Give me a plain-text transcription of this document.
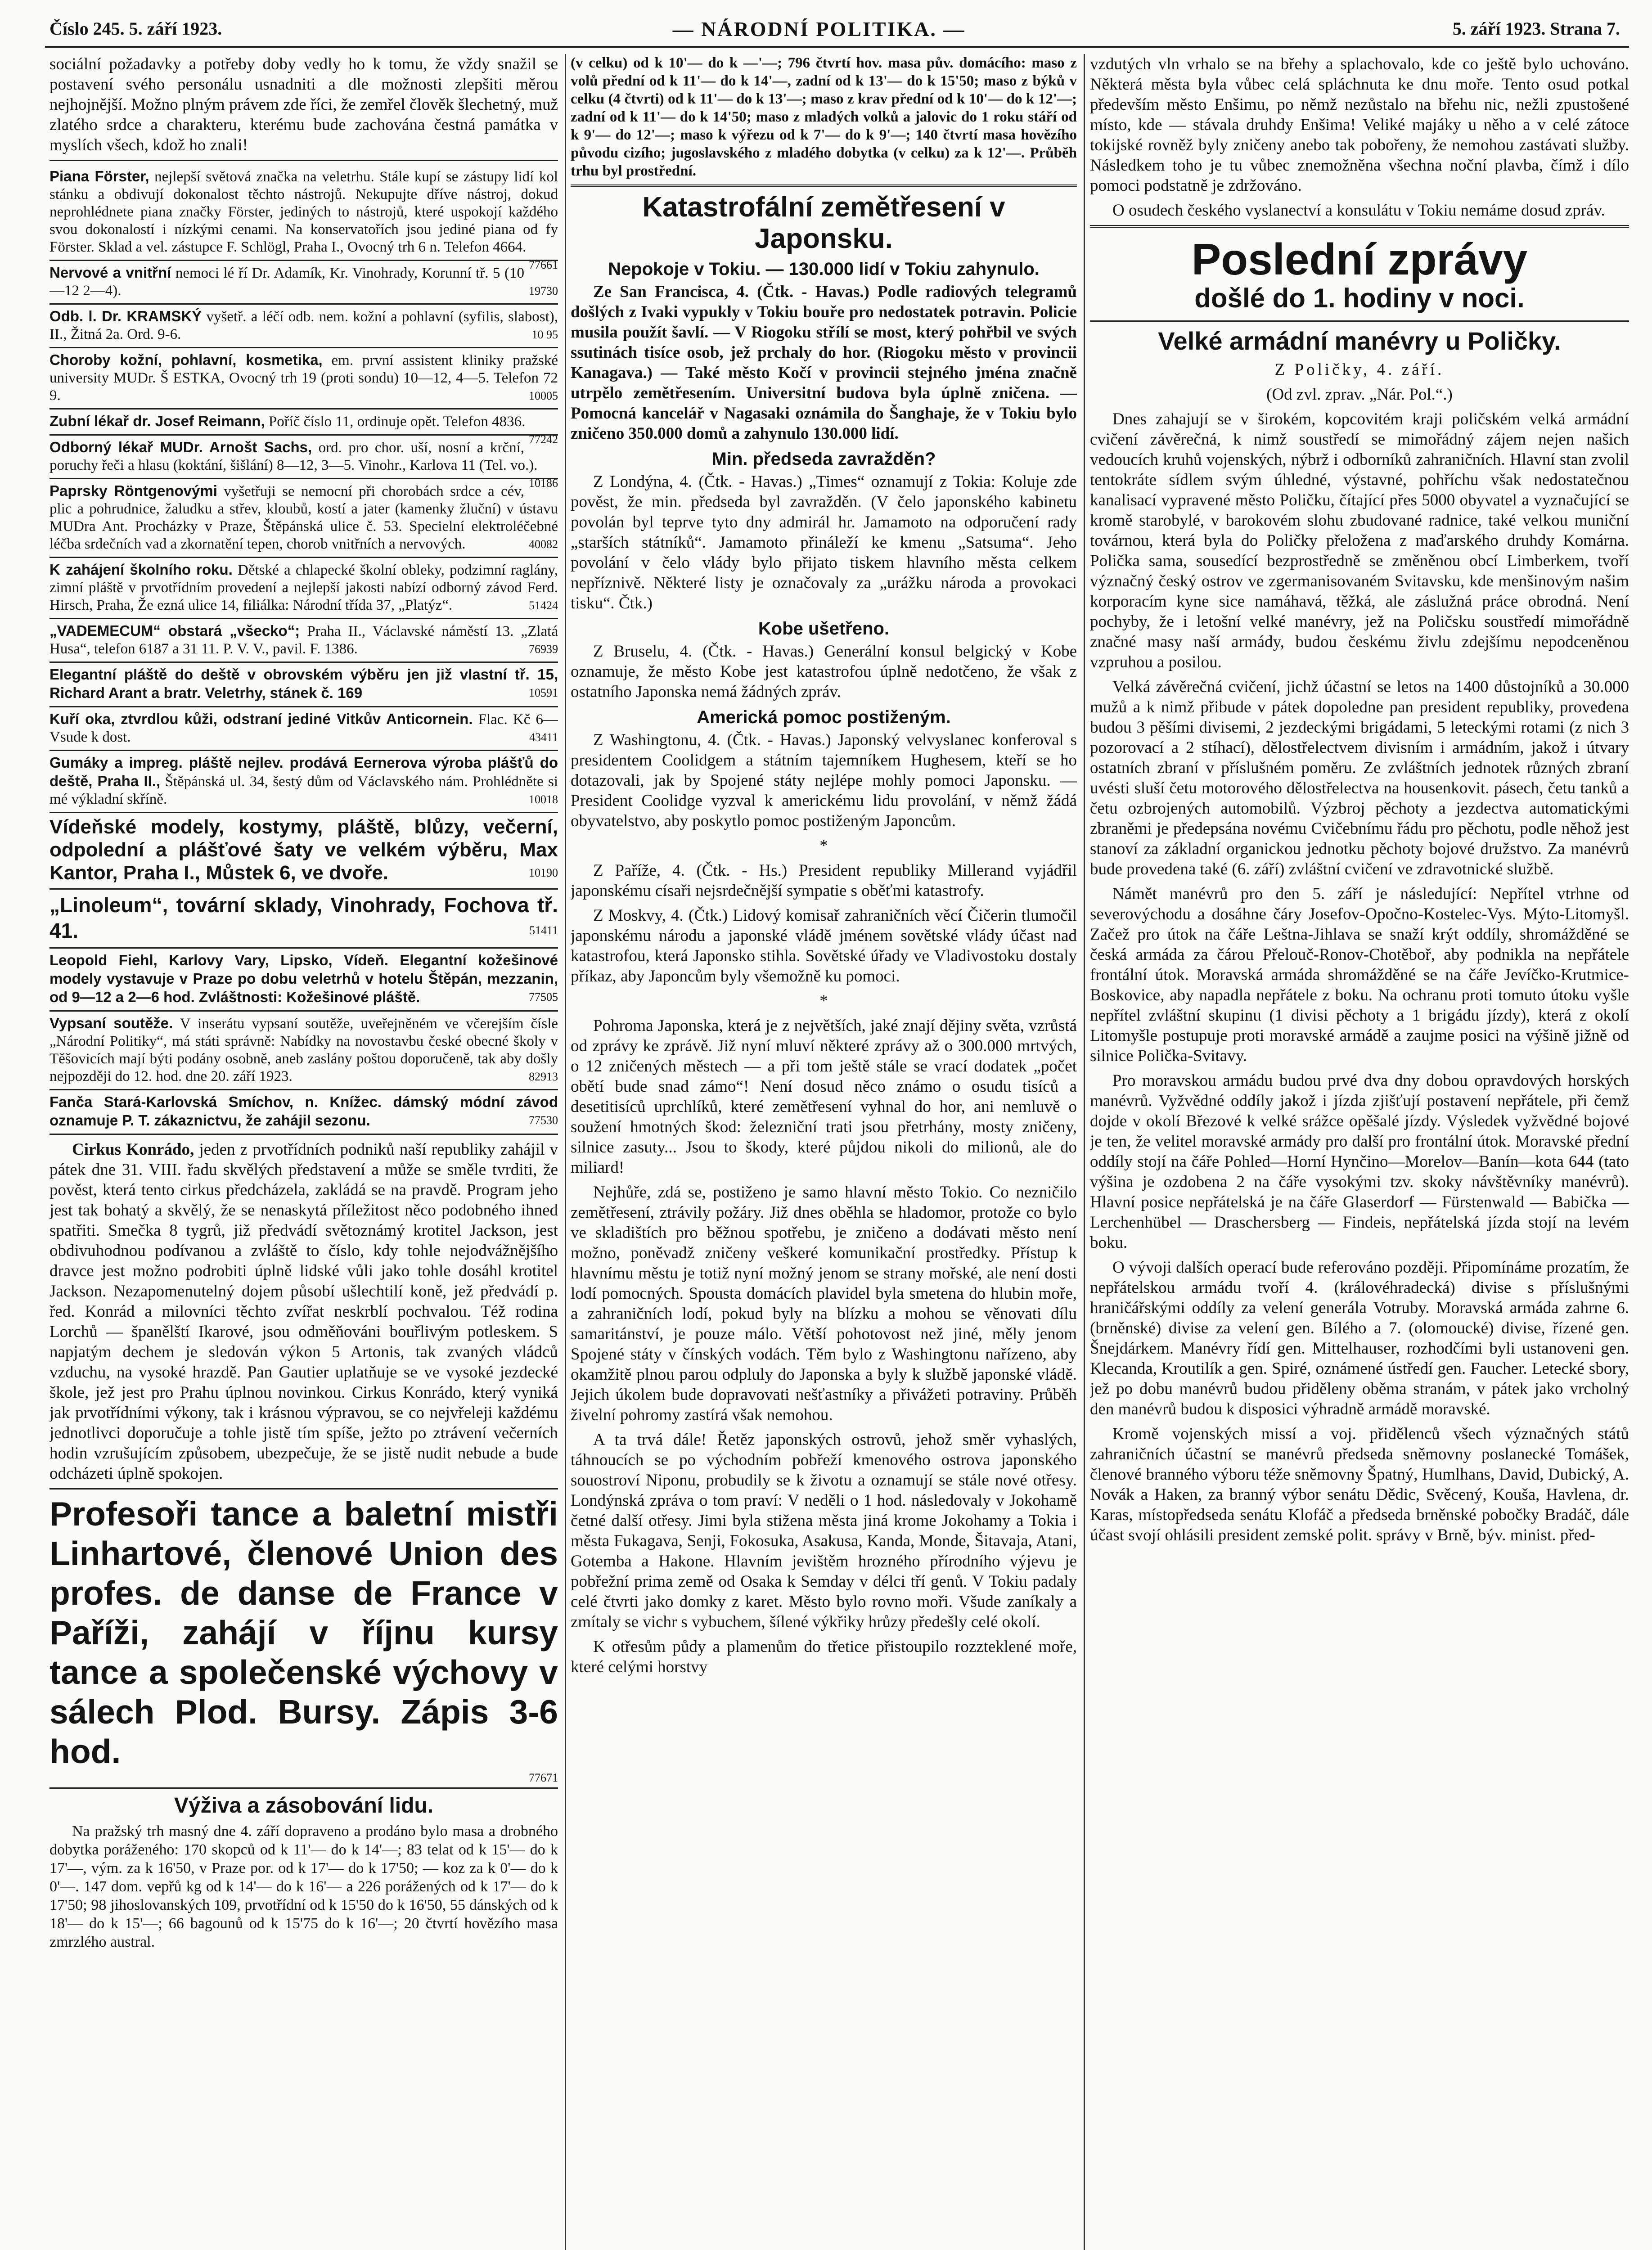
Číslo 245. 5. září 1923.	— NÁRODNÍ POLITIKA. —	5. září 1923. Strana 7.

sociální požadavky a potřeby doby vedly ho k tomu, že vždy snažil se postavení svého personálu usnadniti a dle možnosti zlepšiti měrou nejhojnější. Možno plným právem zde říci, že zemřel člověk šlechetný, muž zlatého srdce a charakteru, kterému bude zachována čestná památka v myslích všech, kdož ho znali!

Piana Förster, nejlepší světová značka na veletrhu. Stále kupí se zástupy lidí kol stánku a obdivují dokonalost těchto nástrojů. Nekupujte dříve nástroj, dokud neprohlédnete piana značky Förster, jediných to nástrojů, které uspokojí každého svou dokonalostí i nízkými cenami. Na konservatořích jsou jediné piana od fy Förster. Sklad a vel. zástupce F. Schlögl, Praha I., Ovocný trh 6 n. Telefon 4664.
77661
Nervové a vnitřní nemoci lé ří Dr. Adamík, Kr. Vinohrady, Korunní tř. 5 (10—12 2—4).	19730
Odb. l. Dr. KRAMSKÝ vyšetř. a léčí odb. nem. kožní a pohlavní (syfilis, slabost), II., Žitná 2a. Ord. 9-6.	10 95
Choroby kožní, pohlavní, kosmetika, em. první assistent kliniky pražské university MUDr. Š ESTKA, Ovocný trh 19 (proti sondu) 10—12, 4—5. Telefon 72 9.	10005
Zubní lékař dr. Josef Reimann, Poříč číslo 11, ordinuje opět. Telefon 4836.
77242
Odborný lékař MUDr. Arnošt Sachs, ord. pro chor. uší, nosní a krční, poruchy řeči a hlasu (koktání, šišlání) 8—12, 3—5. Vinohr., Karlova 11 (Tel. vo.).
10186
Paprsky Röntgenovými vyšetřuji se nemocní při chorobách srdce a cév, plic a pohrudnice, žaludku a střev, kloubů, kostí a jater (kamenky žluční) v ústavu MUDra Ant. Procházky v Praze, Štěpánská ulice č. 53. Specielní elektroléčebné léčba srdečních vad a zkornatění tepen, chorob vnitřních a nervových.	40082
K zahájení školního roku. Dětské a chlapecké školní obleky, podzimní raglány, zimní pláště v prvotřídním provedení a nejlepší jakosti nabízí odborný závod Ferd. Hirsch, Praha, Že ezná ulice 14, filiálka: Národní třída 37, „Platýz“.	51424
„VADEMECUM“ obstará „všecko“; Praha II., Václavské náměstí 13. „Zlatá Husa“, telefon 6187 a 31 11. P. V. V., pavil. F. 1386.	76939
Elegantní pláště do deště v obrovském výběru jen již vlastní tř. 15, Richard Arant a bratr. Veletrhy, stánek č. 169	10591
Kuří oka, ztvrdlou kůži, odstraní jediné Vitkův Anticornein. Flac. Kč 6— Vsude k dost.	43411
Gumáky a impreg. pláště nejlev. prodává Eernerova výroba plášťů do deště, Praha II., Štěpánská ul. 34, šestý dům od Václavského nám. Prohlédněte si mé výkladní skříně.	10018
Vídeňské modely, kostymy, pláště, blůzy, večerní, odpolední a plášťové šaty ve velkém výběru, Max Kantor, Praha I., Můstek 6, ve dvoře.	10190
„Linoleum“, tovární sklady, Vinohrady, Fochova tř. 41.	51411
Leopold Fiehl, Karlovy Vary, Lipsko, Vídeň. Elegantní kožešinové modely vystavuje v Praze po dobu veletrhů v hotelu Štěpán, mezzanin, od 9—12 a 2—6 hod. Zvláštnosti: Kožešinové pláště.	77505
Vypsaní soutěže. V inserátu vypsaní soutěže, uveřejněném ve včerejším čísle „Národní Politiky“, má státi správně: Nabídky na novostavbu české obecné školy v Těšovicích mají býti podány osobně, aneb zaslány poštou doporučeně, tak aby došly nejpozději do 12. hod. dne 20. září 1923.	82913
Fanča Stará-Karlovská Smíchov, n. Knížec. dámský módní závod oznamuje P. T. zákaznictvu, že zahájil sezonu.	77530

Cirkus Konrádo, jeden z prvotřídních podniků naší republiky zahájil v pátek dne 31. VIII. řadu skvělých představení a může se směle tvrditi, že pověst, která tento cirkus předcházela, zakládá se na pravdě. Program jeho jest tak bohatý a skvělý, že se nenaskytá příležitost něco podobného ihned spatřiti. Smečka 8 tygrů, již předvádí světoznámý krotitel Jackson, jest obdivuhodnou podívanou a zvláště to číslo, kdy tohle nejodvážnějšího dravce jest možno podrobiti úplně lidské vůli jako tohle dosáhl krotitel Jackson. Nezapomenutelný dojem působí ušlechtilí koně, jež předvádí p. řed. Konrád a milovníci těchto zvířat neskrblí pochvalou. Též rodina Lorchů — španělští Ikarové, jsou odměňováni bouřlivým potleskem. S napjatým dechem je sledován výkon 5 Artonis, tak zvaných vládců vzduchu, na vysoké hrazdě. Pan Gautier uplatňuje se ve vysoké jezdecké škole, jež jest pro Prahu úplnou novinkou. Cirkus Konrádo, který vyniká jak prvotřídními výkony, tak i krásnou výpravou, se co nejvřeleji každému jednotlivci doporučuje a tohle jistě tím spíše, ježto po ztrávení večerních hodin vzrušujícím způsobem, ubezpečuje, že se jistě nudit nebude a bude odcházeti úplně spokojen.

Profesoři tance a baletní mistři Linhartové, členové Union des profes. de danse de France v Paříži, zahájí v říjnu kursy tance a společenské výchovy v sálech Plod. Bursy. Zápis 3-6 hod.
77671
Výživa a zásobování lidu.

Na pražský trh masný dne 4. září dopraveno a prodáno bylo masa a drobného dobytka poráženého: 170 skopců od k 11'— do k 14'—; 83 telat od k 15'— do k 17'—, vým. za k 16'50, v Praze por. od k 17'— do k 17'50; — koz za k 0'— do k 0'—. 147 dom. vepřů kg od k 14'— do k 16'— a 226 porážených od k 17'— do k 17'50; 98 jihoslovanských 109, prvotřídní od k 15'50 do k 16'50, 55 dánských od k 18'— do k 15'—; 66 bagounů od k 15'75 do k 16'—; 20 čtvrtí hovězího masa zmrzlého austral.

(v celku) od k 10'— do k —'—; 796 čtvrtí hov. masa pův. domácího: maso z volů přední od k 11'— do k 14'—, zadní od k 13'— do k 15'50; maso z býků v celku (4 čtvrti) od k 11'— do k 13'—; maso z krav přední od k 10'— do k 12'—; zadní od k 11'— do k 14'50; maso z mladých volků a jalovic do 1 roku stáří od k 9'— do 12'—; maso k výřezu od k 7'— do k 9'—; 140 čtvrtí masa hovězího původu cizího; jugoslavského z mladého dobytka (v celku) za k 12'—. Průběh trhu byl prostřední.

Katastrofální zemětřesení v Japonsku.
Nepokoje v Tokiu. — 130.000 lidí v Tokiu zahynulo.

Ze San Francisca, 4. (Čtk. - Havas.) Podle radiových telegramů došlých z Ivaki vypukly v Tokiu bouře pro nedostatek potravin. Policie musila použít šavlí. — V Riogoku střílí se most, který pohřbil ve svých ssutinách tisíce osob, jež prchaly do hor. (Riogoku město v provincii Kanagava.) — Také město Kočí v provincii stejného jména značně utrpělo zemětřesením. Universitní budova byla úplně zničena. — Pomocná kancelář v Nagasaki oznámila do Šanghaje, že v Tokiu bylo zničeno 350.000 domů a zahynulo 130.000 lidí.

Min. předseda zavražděn?

Z Londýna, 4. (Čtk. - Havas.) „Times“ oznamují z Tokia: Koluje zde pověst, že min. předseda byl zavražděn. (V čelo japonského kabinetu povolán byl teprve tyto dny admirál hr. Jamamoto na odporučení rady „starších státníků“. Jamamoto přináleží ke kmenu „Satsuma“. Jeho povolání v čelo vlády bylo přijato tiskem hlavního města celkem nepříznivě. Některé listy je označovaly za „urážku národa a provokaci tisku“. Čtk.)

Kobe ušetřeno.

Z Bruselu, 4. (Čtk. - Havas.) Generální konsul belgický v Kobe oznamuje, že město Kobe jest katastrofou úplně nedotčeno, že však z ostatního Japonska nemá žádných zpráv.

Americká pomoc postiženým.

Z Washingtonu, 4. (Čtk. - Havas.) Japonský velvyslanec konferoval s presidentem Coolidgem a státním tajemníkem Hughesem, kteří se ho dotazovali, jak by Spojené státy nejlépe mohly pomoci Japonsku. — President Coolidge vyzval k americkému lidu provolání, v němž žádá obyvatelstvo, aby poskytlo pomoc postiženým Japoncům.

*

Z Paříže, 4. (Čtk. - Hs.) President republiky Millerand vyjádřil japonskému císaři nejsrdečnější sympatie s oběťmi katastrofy.

Z Moskvy, 4. (Čtk.) Lidový komisař zahraničních věcí Čičerin tlumočil japonskému národu a japonské vládě jménem sovětské vlády účast nad katastrofou, která Japonsko stihla. Sovětské úřady ve Vladivostoku dostaly příkaz, aby Japoncům byly všemožně ku pomoci.

*

Pohroma Japonska, která je z největších, jaké znají dějiny světa, vzrůstá od zprávy ke zprávě. Již nyní mluví některé zprávy až o 300.000 mrtvých, o 12 zničených městech — a při tom ještě stále se vrací dodatek „počet obětí bude snad zámo“! Není dosud něco známo o osudu tisíců a desetitisíců uprchlíků, které zemětřesení vyhnal do hor, ani nemluvě o soužení hmotných škod: železniční trati jsou přetrhány, mosty zničeny, silnice zasuty... Jsou to škody, které půjdou nikoli do milionů, ale do miliard!

Nejhůře, zdá se, postiženo je samo hlavní město Tokio. Co nezničilo zemětřesení, ztrávily požáry. Již dnes oběhla se hladomor, protože co bylo ve skladištích pro běžnou spotřebu, je zničeno a dodávati město není možno, poněvadž zničeny veškeré komunikační prostředky. Přístup k hlavnímu městu je totiž nyní možný jenom se strany mořské, ale není dosti lodí pomocných. Spousta domácích plavidel byla smetena do hlubin moře, a zahraničních lodí, pokud byly na blízku a mohou se věnovati dílu samaritánství, je pouze málo. Větší pohotovost než jiné, měly jenom Spojené státy v čínských vodách. Těm bylo z Washingtonu nařízeno, aby okamžitě plnou parou odpluly do Japonska a byly k službě japonské vládě. Jejich úkolem bude dopravovati nešťastníky a přivážeti potraviny. Průběh živelní pohromy zastírá však nemohou.

A ta trvá dále! Řetěz japonských ostrovů, jehož směr vyhaslých, táhnoucích se po východním pobřeží kmenového ostrova japonského souostroví Niponu, probudily se k životu a oznamují se stále nové otřesy. Londýnská zpráva o tom praví: V neděli o 1 hod. následovaly v Jokohamě četné další otřesy. Jimi byla stižena města jiná krome Jokohamy a Tokia i města Fukagava, Senji, Fokosuka, Asakusa, Kanda, Monde, Šitavaja, Atani, Gotemba a Hakone. Hlavním jevištěm hrozného přírodního výjevu je pobřežní prima země od Osaka k Semday v délci tří genů. V Tokiu padaly celé čtvrti jako domky z karet. Město bylo rovno moři. Všude zaníkaly a zmítaly se vichr s vybuchem, šílené výkřiky hrůzy předešly celé okolí.

K otřesům půdy a plamenům do třetice přistoupilo rozzteklené moře, které celými horstvy

vzdutých vln vrhalo se na břehy a splachovalo, kde co ještě bylo uchováno. Některá města byla vůbec celá spláchnuta ke dnu moře. Tento osud potkal především město Enšimu, po němž nezůstalo na břehu nic, nežli zpustošené místo, kde — stávala druhdy Enšima! Veliké majáky u něho a v celé zátoce tokijské rovněž byly zničeny anebo tak pobořeny, že nemohou zastávati služby. Následkem toho je tu vůbec znemožněna všechna noční plavba, čímž i dílo pomoci podstatně je zdržováno.

O osudech českého vyslanectví a konsulátu v Tokiu nemáme dosud zpráv.

Poslední zprávy
došlé do 1. hodiny v noci.
Velké armádní manévry u Poličky.

Z Poličky, 4. září.

(Od zvl. zprav. „Nár. Pol.“.)

Dnes zahajují se v širokém, kopcovitém kraji poličském velká armádní cvičení závěrečná, k nimž soustředí se mimořádný zájem nejen našich vedoucích kruhů vojenských, nýbrž i odborníků zahraničních. Hlavní stan zvolil tentokráte sídlem svým úhledné, výstavné, pohříchu však nedostatečnou kanalisací vypravené město Poličku, čítající přes 5000 obyvatel a vyznačující se kromě starobylé, v barokovém slohu zbudované radnice, také velkou muniční továrnou, která byla do Poličky přeložena z maďarského druhdy Komárna. Polička sama, sousedící bezprostředně se změněnou obcí Limberkem, tvoří význačný český ostrov ve zgermanisovaném Svitavsku, kde menšinovým našim korporacím kyne sice namáhavá, těžká, ale záslužná práce obrodná. Není pochyby, že i letošní velké manévry, jež na Poličsku soustředí mimořádně značné masy naší armády, budou českému živlu zdejšímu nepodceněnou vzpruhou a posilou.

Velká závěrečná cvičení, jichž účastní se letos na 1400 důstojníků a 30.000 mužů a k nimž přibude v pátek dopoledne pan president republiky, provedena budou 3 pěšími divisemi, 2 jezdeckými brigádami, 5 leteckými rotami (z nich 3 pozorovací a 2 stíhací), dělostřelectvem divisním i armádním, jakož i útvary ostatních zbraní v příslušném poměru. Ze zvláštních jednotek různých zbraní uvésti sluší četu motorového dělostřelectva na housenkovit. pásech, četu tanků a četu ozbrojených automobilů. Výzbroj pěchoty a jezdectva automatickými zbraněmi je předepsána novému Cvičebnímu řádu pro pěchotu, podle něhož jest stanoví za základní organickou jednotku pěchoty bojové družstvo. Za manévrů bude provedena také (6. září) zvláštní cvičení ve zdravotnické službě.

Námět manévrů pro den 5. září je následující: Nepřítel vtrhne od severovýchodu a dosáhne čáry Josefov-Opočno-Kostelec-Vys. Mýto-Litomyšl. Začež pro útok na čáře Leštna-Jihlava se snaží krýt oddíly, shromážděné se česká armáda za čárou Přelouč-Ronov-Chotěboř, aby podnikla na nepřátele frontální útok. Moravská armáda shromážděné se na čáře Jevíčko-Krutmice-Boskovice, aby napadla nepřátele z boku. Na ochranu proti tomuto útoku vyšle nepřítel zvláštní skupinu (1 divisi pěchoty a 1 brigádu jízdy), která z okolí Litomyšle postupuje proti moravské armádě a zaujme posici na výšině jižně od silnice Polička-Svitavy.

Pro moravskou armádu budou prvé dva dny dobou opravdových horských manévrů. Vyžvědné oddíly jakož i jízda zjišťují postavení nepřátele, při čemž dojde v okolí Březové k velké srážce opěšalé jízdy. Výsledek vyžvědné bojové je ten, že velitel moravské armády pro další pro frontální útok. Moravské přední oddíly stojí na čáře Pohled—Horní Hynčino—Morelov—Banín—kota 644 (tato výšina je ozdobena 2 na čáře vysokými tzv. skoky návštěvníky manévrů). Hlavní posice nepřátelská je na čáře Glaserdorf — Fürstenwald — Babička — Lerchenhübel — Draschersberg — Findeis, nepřátelská jízda stojí na levém boku.

O vývoji dalších operací bude referováno později. Připomínáme prozatím, že nepřátelskou armádu tvoří 4. (královéhradecká) divise s příslušnými hraničářskými oddíly za velení generála Votruby. Moravská armáda zahrne 6. (brněnské) divise za velení gen. Bílého a 7. (olomoucké) divise, řízené gen. Šnejdárkem. Manévry řídí gen. Mittelhauser, rozhodčími byli ustanoveni gen. Klecanda, Kroutilík a gen. Spiré, oznámené ústředí gen. Faucher. Letecké sbory, jež po dobu manévrů budou přiděleny oběma stranám, v pátek jako vrcholný den manévrů budou k disposici výhradně armádě moravské.

Kromě vojenských missí a voj. přidělenců všech význačných států zahraničních účastní se manévrů předseda sněmovny poslanecké Tomášek, členové branného výboru téže sněmovny Špatný, Humlhans, David, Dubický, A. Novák a Haken, za branný výbor senátu Dědic, Svěcený, Kouša, Havlena, dr. Karas, místopředseda senátu Klofáč a předseda brněnské pobočky Bradáč, dále účast svojí ohlásili president zemské polit. správy v Brně, býv. minist. před-
